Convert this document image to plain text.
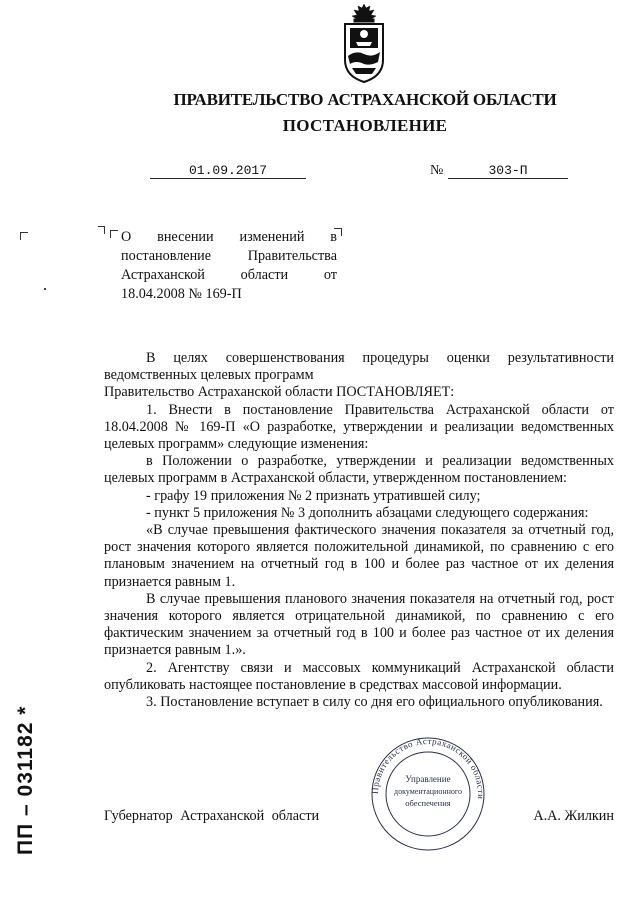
ПРАВИТЕЛЬСТВО АСТРАХАНСКОЙ ОБЛАСТИ
ПОСТАНОВЛЕНИЕ
01.09.2017	№	303-П
О внесении изменений в постановление Правительства Астраханской области от 18.04.2008 № 169-П

В целях совершенствования процедуры оценки результативности ведомственных целевых программ

Правительство Астраханской области ПОСТАНОВЛЯЕТ:

1. Внести в постановление Правительства Астраханской области от 18.04.2008 № 169-П «О разработке, утверждении и реализации ведомственных целевых программ» следующие изменения:

в Положении о разработке, утверждении и реализации ведомственных целевых программ в Астраханской области, утвержденном постановлением:

- графу 19 приложения № 2 признать утратившей силу;

- пункт 5 приложения № 3 дополнить абзацами следующего содержания:

«В случае превышения фактического значения показателя за отчетный год, рост значения которого является положительной динамикой, по сравнению с его плановым значением на отчетный год в 100 и более раз частное от их деления признается равным 1.

В случае превышения планового значения показателя на отчетный год, рост значения которого является отрицательной динамикой, по сравнению с его фактическим значением за отчетный год в 100 и более раз частное от их деления признается равным 1.».

2. Агентству связи и массовых коммуникаций Астраханской области опубликовать настоящее постановление в средствах массовой информации.

3. Постановление вступает в силу со дня его официального опубликования.

Правительство Астраханской области
Управление
документационного
обеспечения
Губернатор Астраханской области	А.А. Жилкин
ПП – 031182 *
